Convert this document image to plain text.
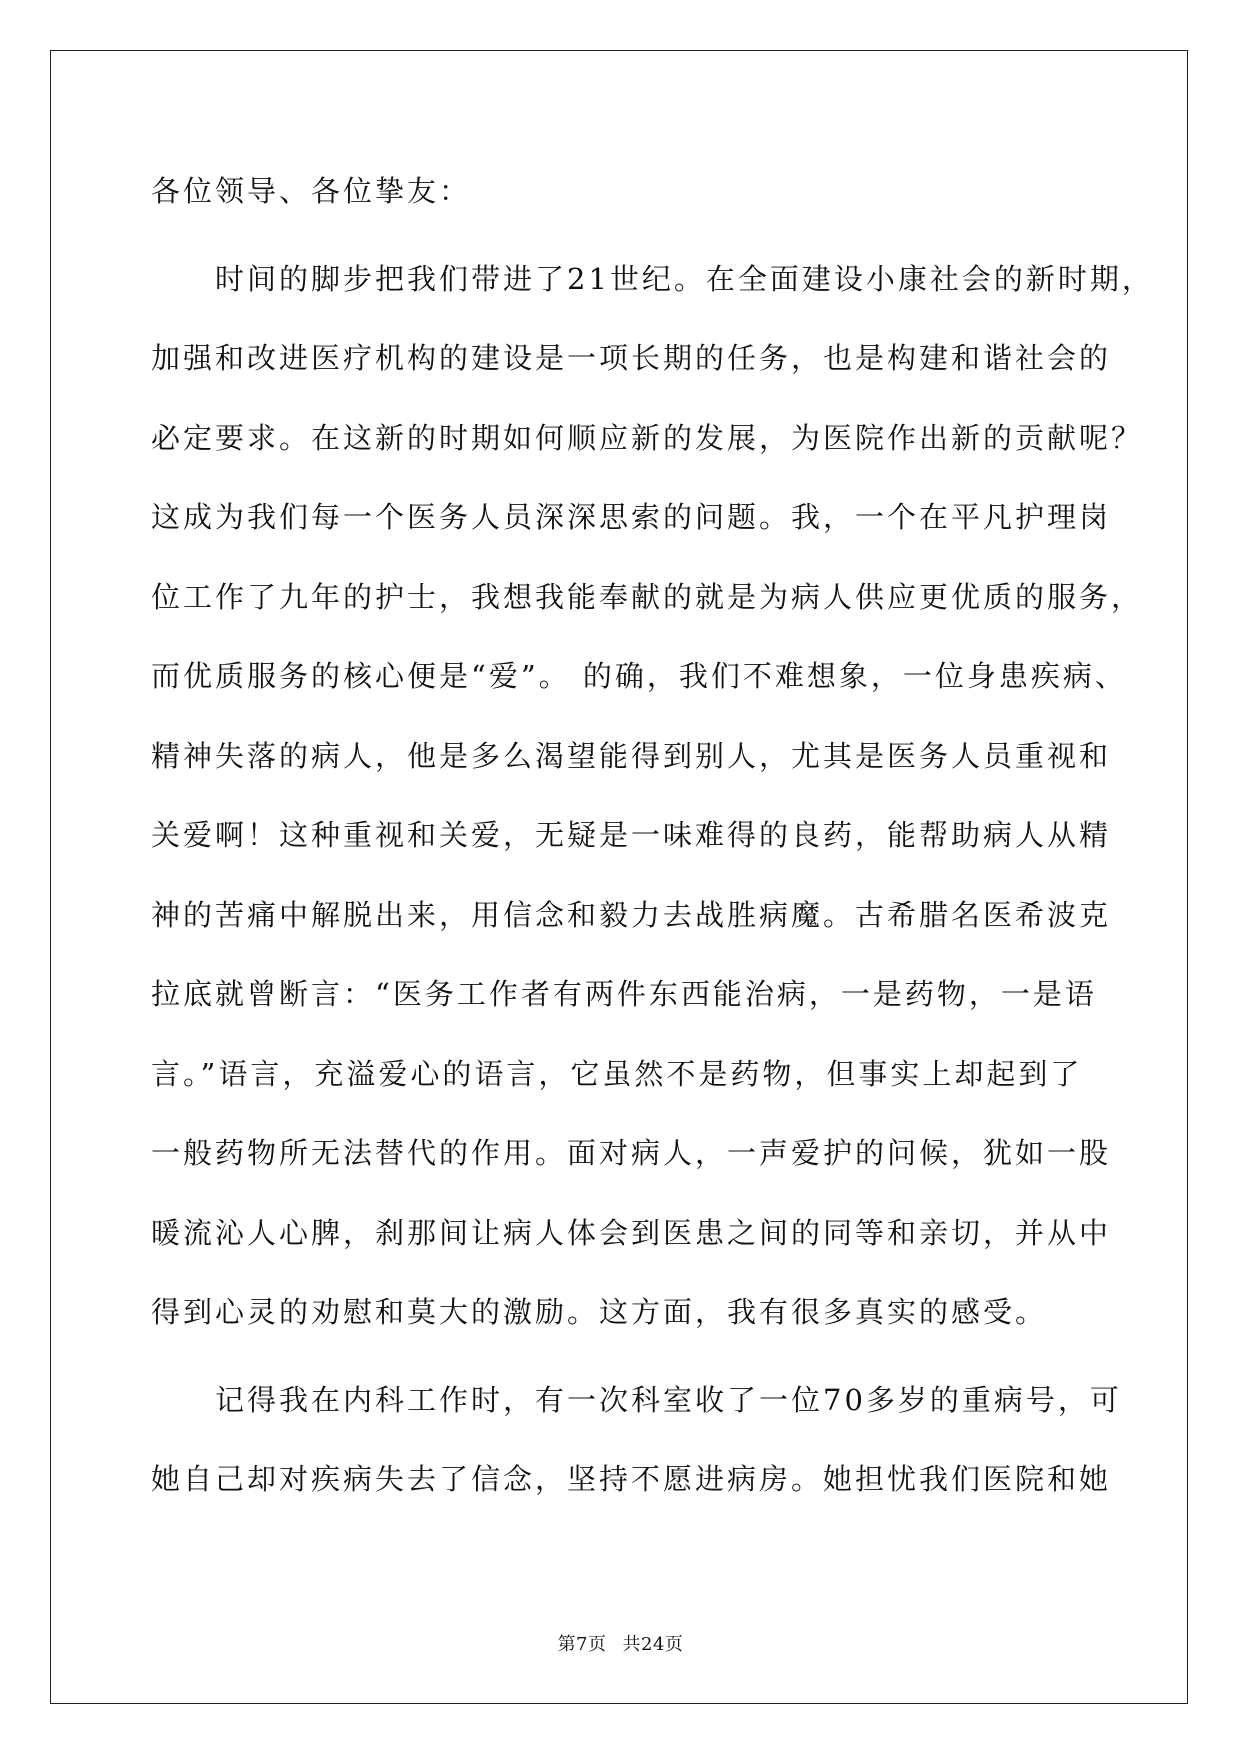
各位领导、各位挚友：
时间的脚步把我们带进了21世纪。在全面建设小康社会的新时期，
加强和改进医疗机构的建设是一项长期的任务，也是构建和谐社会的
必定要求。在这新的时期如何顺应新的发展，为医院作出新的贡献呢？
这成为我们每一个医务人员深深思索的问题。我，一个在平凡护理岗
位工作了九年的护士，我想我能奉献的就是为病人供应更优质的服务，
而优质服务的核心便是“爱”。 的确，我们不难想象，一位身患疾病、
精神失落的病人，他是多么渴望能得到别人，尤其是医务人员重视和
关爱啊！这种重视和关爱，无疑是一味难得的良药，能帮助病人从精
神的苦痛中解脱出来，用信念和毅力去战胜病魔。古希腊名医希波克
拉底就曾断言：“医务工作者有两件东西能治病，一是药物，一是语
言。”语言，充溢爱心的语言，它虽然不是药物，但事实上却起到了
一般药物所无法替代的作用。面对病人，一声爱护的问候，犹如一股
暖流沁人心脾，刹那间让病人体会到医患之间的同等和亲切，并从中
得到心灵的劝慰和莫大的激励。这方面，我有很多真实的感受。
记得我在内科工作时，有一次科室收了一位70多岁的重病号，可
她自己却对疾病失去了信念，坚持不愿进病房。她担忧我们医院和她
第7页 共24页
